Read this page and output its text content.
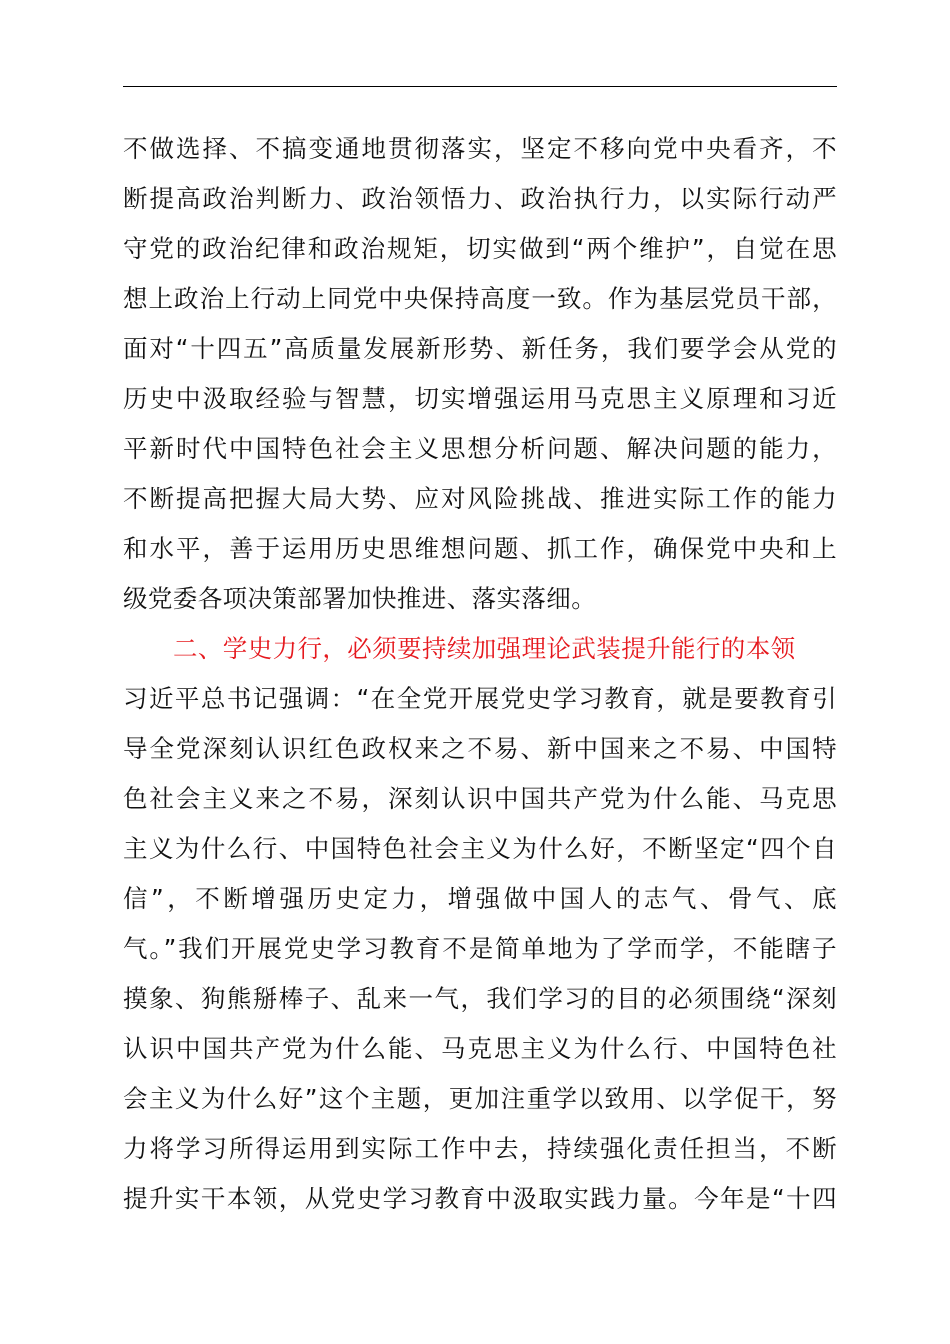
不做选择、不搞变通地贯彻落实，坚定不移向党中央看齐，不
断提高政治判断力、政治领悟力、政治执行力，以实际行动严
守党的政治纪律和政治规矩，切实做到“两个维护”，自觉在思
想上政治上行动上同党中央保持高度一致。作为基层党员干部，
面对“十四五”高质量发展新形势、新任务，我们要学会从党的
历史中汲取经验与智慧，切实增强运用马克思主义原理和习近
平新时代中国特色社会主义思想分析问题、解决问题的能力，
不断提高把握大局大势、应对风险挑战、推进实际工作的能力
和水平，善于运用历史思维想问题、抓工作，确保党中央和上
级党委各项决策部署加快推进、落实落细。
二、学史力行，必须要持续加强理论武装提升能行的本领
习近平总书记强调：“在全党开展党史学习教育，就是要教育引
导全党深刻认识红色政权来之不易、新中国来之不易、中国特
色社会主义来之不易，深刻认识中国共产党为什么能、马克思
主义为什么行、中国特色社会主义为什么好，不断坚定“四个自
信”，不断增强历史定力，增强做中国人的志气、骨气、底
气。”我们开展党史学习教育不是简单地为了学而学，不能瞎子
摸象、狗熊掰棒子、乱来一气，我们学习的目的必须围绕“深刻
认识中国共产党为什么能、马克思主义为什么行、中国特色社
会主义为什么好”这个主题，更加注重学以致用、以学促干，努
力将学习所得运用到实际工作中去，持续强化责任担当，不断
提升实干本领，从党史学习教育中汲取实践力量。今年是“十四
